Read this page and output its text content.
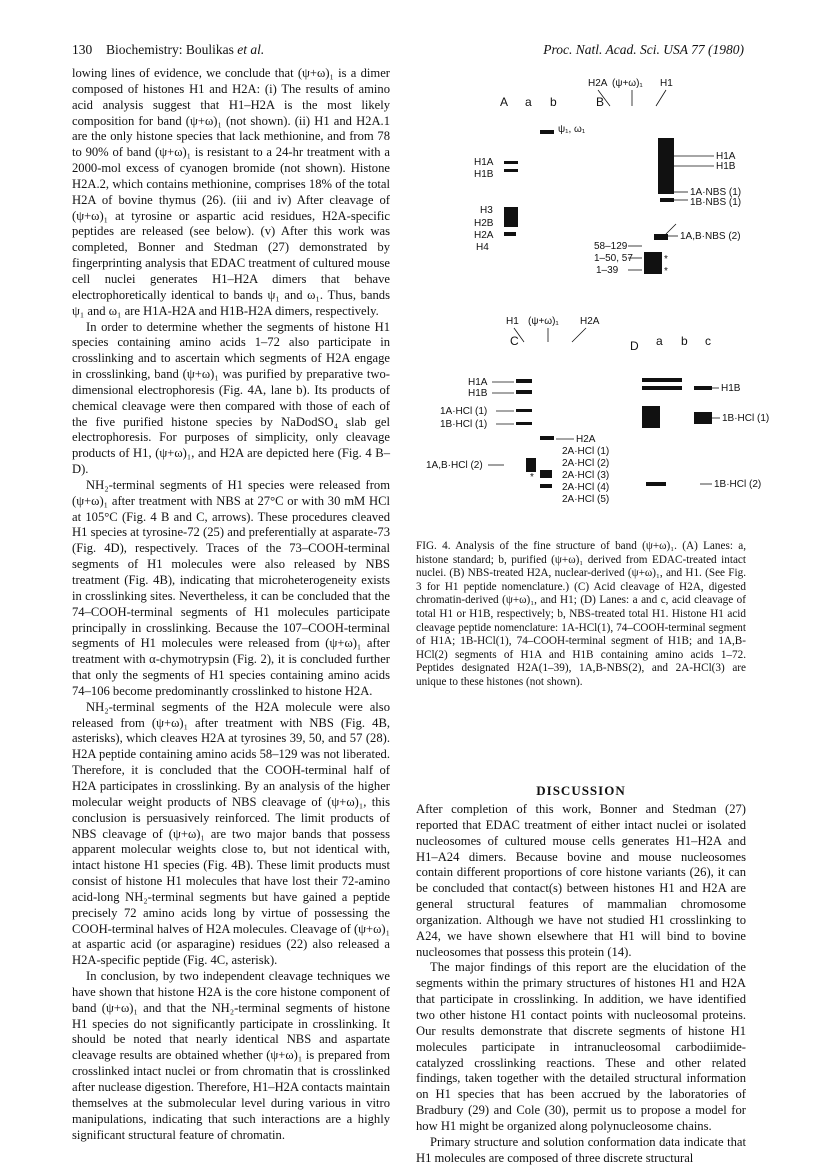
130 Biochemistry: Boulikas et al.	Proc. Natl. Acad. Sci. USA 77 (1980)

lowing lines of evidence, we conclude that (ψ+ω)₁ is a dimer composed of histones H1 and H2A: (i) The results of amino acid analysis suggest that H1–H2A is the most likely composition for band (ψ+ω)₁ (not shown). (ii) H1 and H2A.1 are the only histone species that lack methionine, and from 78 to 90% of band (ψ+ω)₁ is resistant to a 24-hr treatment with a 2000-mol excess of cyanogen bromide (not shown). Histone H2A.2, which contains methionine, comprises 18% of the total H2A of bovine thymus (26). (iii and iv) After cleavage of (ψ+ω)₁ at tyrosine or aspartic acid residues, H2A-specific peptides are released (see below). (v) After this work was completed, Bonner and Stedman (27) demonstrated by fingerprinting analysis that EDAC treatment of cultured mouse cell nuclei generates H1–H2A dimers that behave electrophoretically identical to bands ψ₁ and ω₁. Thus, bands ψ₁ and ω₁ are H1A-H2A and H1B-H2A dimers, respectively.

In order to determine whether the segments of histone H1 species containing amino acids 1–72 also participate in crosslinking and to ascertain which segments of H2A engage in crosslinking, band (ψ+ω)₁ was purified by preparative two-dimensional electrophoresis (Fig. 4A, lane b). Its products of chemical cleavage were then compared with those of each of the five purified histone species by NaDodSO₄ slab gel electrophoresis. For purposes of simplicity, only cleavage products of H1, (ψ+ω)₁, and H2A are depicted here (Fig. 4 B–D).

NH₂-terminal segments of H1 species were released from (ψ+ω)₁ after treatment with NBS at 27°C or with 30 mM HCl at 105°C (Fig. 4 B and C, arrows). These procedures cleaved H1 species at tyrosine-72 (25) and preferentially at asparate-73 (Fig. 4D), respectively. Traces of the 73–COOH-terminal segments of H1 molecules were also released by NBS treatment (Fig. 4B), indicating that microheterogeneity exists in crosslinking sites. Nevertheless, it can be concluded that the 74–COOH-terminal segments of H1 molecules participate principally in crosslinking. Because the 107–COOH-terminal segments of H1 molecules were released from (ψ+ω)₁ after treatment with α-chymotrypsin (Fig. 2), it is concluded further that only the segments of H1 species containing amino acids 74–106 become predominantly crosslinked to histone H2A.

NH₂-terminal segments of the H2A molecule were also released from (ψ+ω)₁ after treatment with NBS (Fig. 4B, asterisks), which cleaves H2A at tyrosines 39, 50, and 57 (28). H2A peptide containing amino acids 58–129 was not liberated. Therefore, it is concluded that the COOH-terminal half of H2A participates in crosslinking. By an analysis of the higher molecular weight products of NBS cleavage of (ψ+ω)₁, this conclusion is persuasively reinforced. The limit products of NBS cleavage of (ψ+ω)₁ are two major bands that possess apparent molecular weights close to, but not identical with, intact histone H1 species (Fig. 4B). These limit products must consist of histone H1 molecules that have lost their 72-amino acid-long NH₂-terminal segments but have gained a peptide precisely 72 amino acids long by virtue of possessing the COOH-terminal halves of H2A molecules. Cleavage of (ψ+ω)₁ at aspartic acid (or asparagine) residues (22) also released a H2A-specific peptide (Fig. 4C, asterisk).

In conclusion, by two independent cleavage techniques we have shown that histone H2A is the core histone component of band (ψ+ω)₁ and that the NH₂-terminal segments of histone H1 species do not significantly participate in crosslinking. It should be noted that nearly identical NBS and aspartate cleavage results are obtained whether (ψ+ω)₁ is prepared from crosslinked intact nuclei or from chromatin that is crosslinked after nuclease digestion. Therefore, H1–H2A contacts maintain themselves at the submolecular level during various in vitro manipulations, indicating that such interactions are a highly significant structural feature of chromatin.

A a b
ψ₁, ω₁
H1A
H1B
H3
H2B
H2A
H4
H2A (ψ+ω)₁ H1
B
H1A
H1B
1A·NBS (1)
1B·NBS (1)
1A,B·NBS (2)
58–129
1–50, 57
1–39
*
*
H1 (ψ+ω)₁ H2A
C
H1A
H1B
1A·HCl (1)
1B·HCl (1)
1A,B·HCl (2)
H2A
2A·HCl (1)
2A·HCl (2)
2A·HCl (3)
2A·HCl (4)
2A·HCl (5)
*
D a b c
H1B
1B·HCl (1)
1B·HCl (2)
FIG. 4. Analysis of the fine structure of band (ψ+ω)₁. (A) Lanes: a, histone standard; b, purified (ψ+ω)₁ derived from EDAC-treated intact nuclei. (B) NBS-treated H2A, nuclear-derived (ψ+ω)₁, and H1. (See Fig. 3 for H1 peptide nomenclature.) (C) Acid cleavage of H2A, digested chromatin-derived (ψ+ω)₁, and H1; (D) Lanes: a and c, acid cleavage of total H1 or H1B, respectively; b, NBS-treated total H1. Histone H1 acid cleavage peptide nomenclature: 1A-HCl(1), 74–COOH-terminal segment of H1A; 1B-HCl(1), 74–COOH-terminal segment of H1B; and 1A,B-HCl(2) segments of H1A and H1B containing amino acids 1–72. Peptides designated H2A(1–39), 1A,B-NBS(2), and 2A-HCl(3) are unique to these histones (not shown).
DISCUSSION

After completion of this work, Bonner and Stedman (27) reported that EDAC treatment of either intact nuclei or isolated nucleosomes of cultured mouse cells generates H1–H2A and H1–A24 dimers. Because bovine and mouse nucleosomes contain different proportions of core histone variants (26), it can be concluded that contact(s) between histones H1 and H2A are general structural features of mammalian chromosome organization. Although we have not studied H1 crosslinking to A24, we have shown elsewhere that H1 will bind to bovine nucleosomes that possess this protein (14).

The major findings of this report are the elucidation of the segments within the primary structures of histones H1 and H2A that participate in crosslinking. In addition, we have identified two other histone H1 contact points with nucleosomal proteins. Our results demonstrate that discrete segments of histone H1 molecules participate in intranucleosomal carbodiimide-catalyzed crosslinking reactions. These and other related findings, taken together with the detailed structural information on H1 species that has been accrued by the laboratories of Bradbury (29) and Cole (30), permit us to propose a model for how H1 might be organized along polynucleosome chains.

Primary structure and solution conformation data indicate that H1 molecules are composed of three discrete structural
